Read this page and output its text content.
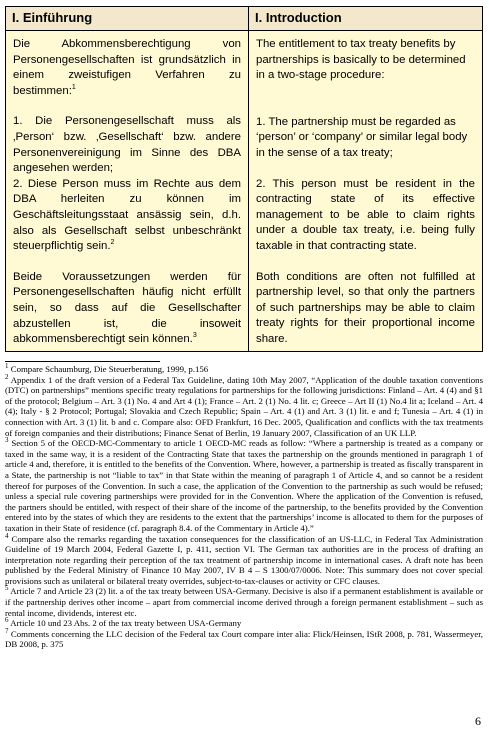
I. Einführung

Die Abkommensberechtigung von Personengesellschaften ist grundsätzlich in einem zweistufigen Verfahren zu bestimmen:$^1$

1. Die Personengesellschaft muss als ‚Person‘ bzw. ‚Gesellschaft‘ bzw. andere Personenvereinigung im Sinne des DBA angesehen werden;

2. Diese Person muss im Rechte aus dem DBA herleiten zu können im Geschäftsleitungsstaat ansässig sein, d.h. also als Gesellschaft selbst unbeschränkt steuerpflichtig sein.$^2$

Beide Voraussetzungen werden für Personengesellschaften häufig nicht erfüllt sein, so dass auf die Gesellschafter abzustellen ist, die insoweit abkommensberechtigt sein können.$^3$

I. Introduction

The entitlement to tax treaty benefits by partnerships is basically to be determined in a two-stage procedure:

1. The partnership must be regarded as ‘person’ or ‘company’ or similar legal body in the sense of a tax treaty;

2. This person must be resident in the contracting state of its effective management to be able to claim rights under a double tax treaty, i.e. being fully taxable in that contracting state.

Both conditions are often not fulfilled at partnership level, so that only the partners of such partnerships may be able to claim treaty rights for their proportional income share.

$^1$ Compare Schaumburg, Die Steuerberatung, 1999, p.156

$^2$ Appendix 1 of the draft version of a Federal Tax Guideline, dating 10th May 2007, “Application of the double taxation conventions (DTC) on partnerships” mentions specific treaty regulations for partnerships for the following jurisdictions: Finland – Art. 4 (4) and §1 of the protocol; Belgium – Art. 3 (1) No. 4 and Art 4 (1); France – Art. 2 (1) No. 4 lit. c; Greece – Art II (1) No.4 lit a; Iceland – Art. 4 (4); Italy - § 2 Protocol; Portugal; Slovakia and Czech Republic; Spain – Art. 4 (1) and Art. 3 (1) lit. e and f; Tunesia – Art. 4 (1) in connection with Art. 3 (1) lit. b and c. Compare also: OFD Frankfurt, 16 Dec. 2005, Qualification and conflicts with the tax treatments of foreign companies and their distributions; Finance Senat of Berlin, 19 January 2007, Classification of an UK LLP.

$^3$ Section 5 of the OECD-MC-Commentary to article 1 OECD-MC reads as follow: “Where a partnership is treated as a company or taxed in the same way, it is a resident of the Contracting State that taxes the partnership on the grounds mentioned in paragraph 1 of article 4 and, therefore, it is entitled to the benefits of the Convention. Where, however, a partnership is treated as fiscally transparent in a State, the partnership is not “liable to tax” in that State within the meaning of paragraph 1 of Article 4, and so cannot be a resident thereof for purposes of the Convention. In such a case, the application of the Convention to the partnership as such would be refused; unless a special rule covering partnerships were provided for in the Convention. Where the application of the Convention is refused, the partners should be entitled, with respect of their share of the income of the partnership, to the benefits provided by the Convention entered into by the states of which they are residents to the extent that the partnerships’ income is allocated to them for the purposes of taxation in their State of residence (cf. paragraph 8.4. of the Commentary in Article 4).”

$^4$ Compare also the remarks regarding the taxation consequences for the classification of an US-LLC, in Federal Tax Administration Guideline of 19 March 2004, Federal Gazette I, p. 411, section VI. The German tax authorities are in the process of drafting an interpretation note regarding their perception of the tax treatment of partnership income in international cases. A draft note has been published by the Federal Ministry of Finance 10 May 2007, IV B 4 – S 1300/07/0006. Note: This summary does not cover special provisions such as unilateral or bilateral treaty overrides, subject-to-tax-clauses or activity or CFC clauses.

$^5$ Article 7 and Article 23 (2) lit. a of the tax treaty between USA-Germany. Decisive is also if a permanent establishment is available or if the partnership derives other income – apart from commercial income derived through a foreign permanent establishment – such as rental income, dividends, interest etc.

$^6$ Article 10 und 23 Abs. 2 of the tax treaty between USA-Germany

$^7$ Comments concerning the LLC decision of the Federal tax Court compare inter alia: Flick/Heinsen, IStR 2008, p. 781, Wassermeyer, DB 2008, p. 375

6
